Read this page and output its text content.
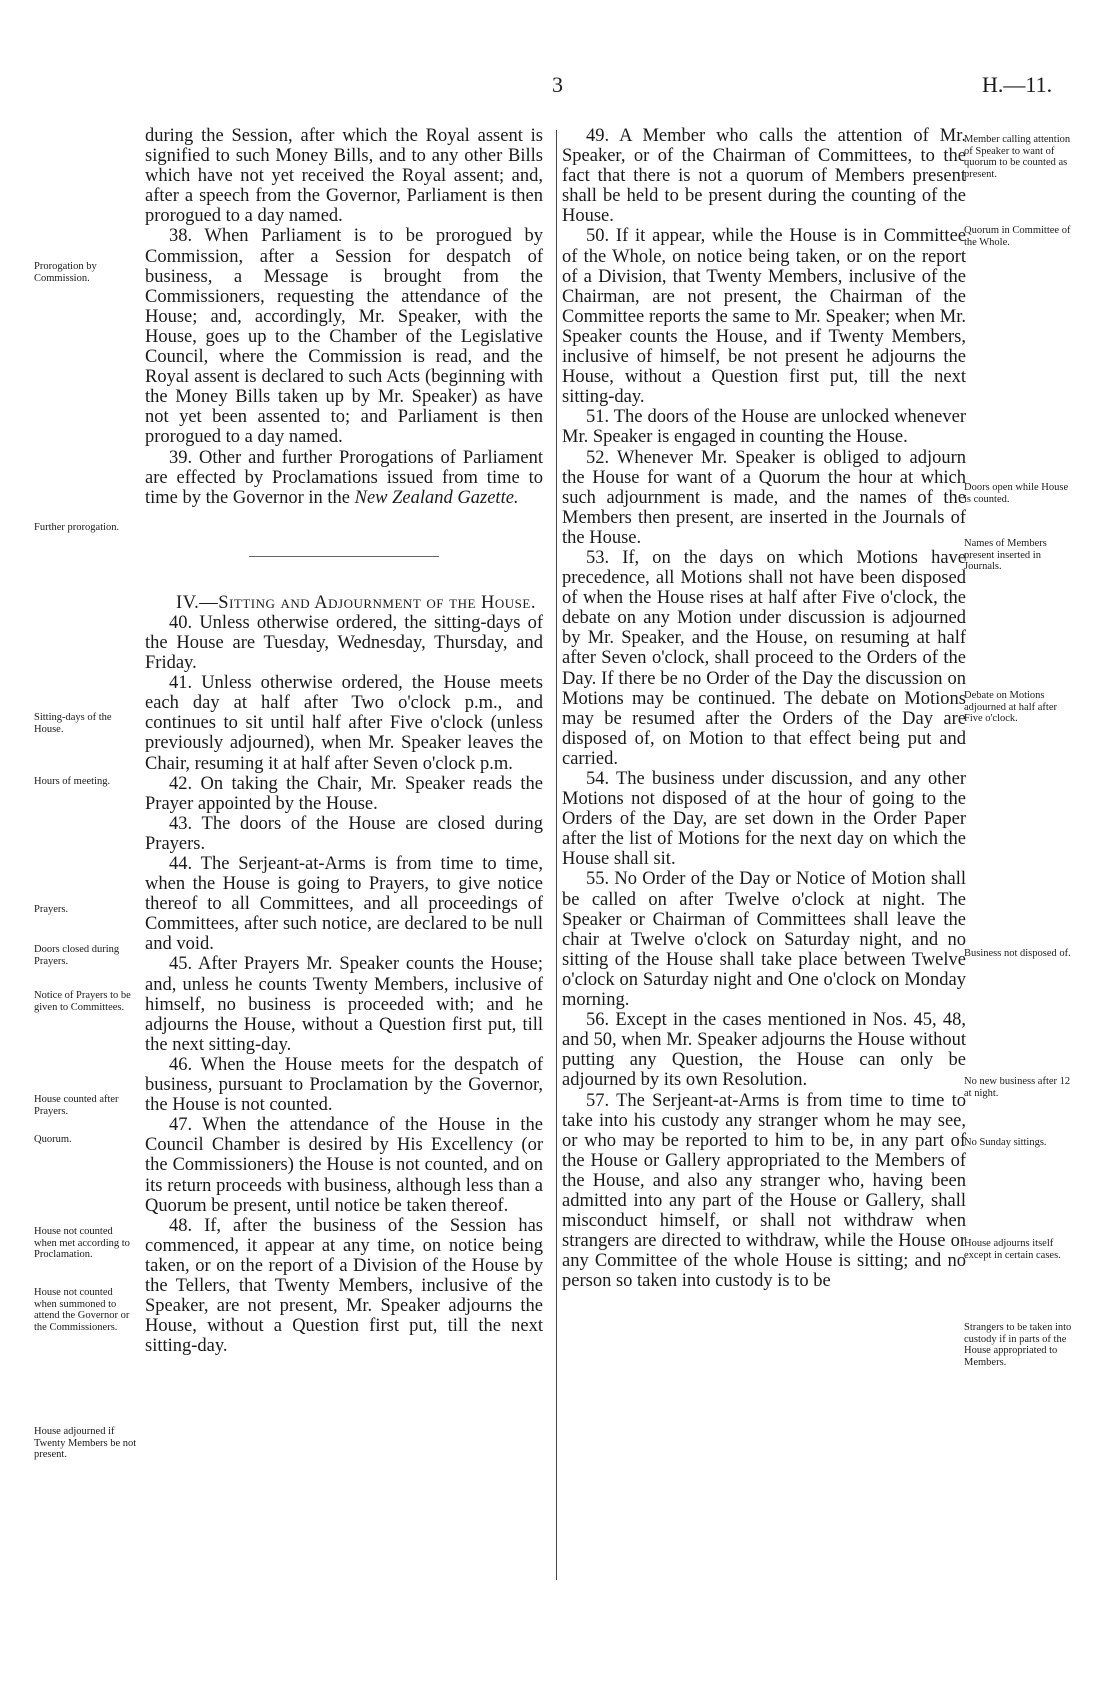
3	H.—11.

during the Session, after which the Royal assent is signified to such Money Bills, and to any other Bills which have not yet received the Royal assent; and, after a speech from the Governor, Parliament is then prorogued to a day named.

38. When Parliament is to be prorogued by Commission, after a Session for despatch of business, a Message is brought from the Commissioners, requesting the attendance of the House; and, accordingly, Mr. Speaker, with the House, goes up to the Chamber of the Legislative Council, where the Commission is read, and the Royal assent is declared to such Acts (beginning with the Money Bills taken up by Mr. Speaker) as have not yet been assented to; and Parliament is then prorogued to a day named.

39. Other and further Prorogations of Parliament are effected by Proclamations issued from time to time by the Governor in the New Zealand Gazette.

IV.—Sitting and Adjournment of the House.

40. Unless otherwise ordered, the sitting-days of the House are Tuesday, Wednesday, Thursday, and Friday.

41. Unless otherwise ordered, the House meets each day at half after Two o'clock p.m., and continues to sit until half after Five o'clock (unless previously adjourned), when Mr. Speaker leaves the Chair, resuming it at half after Seven o'clock p.m.

42. On taking the Chair, Mr. Speaker reads the Prayer appointed by the House.

43. The doors of the House are closed during Prayers.

44. The Serjeant-at-Arms is from time to time, when the House is going to Prayers, to give notice thereof to all Committees, and all proceedings of Committees, after such notice, are declared to be null and void.

45. After Prayers Mr. Speaker counts the House; and, unless he counts Twenty Members, inclusive of himself, no business is proceeded with; and he adjourns the House, without a Question first put, till the next sitting-day.

46. When the House meets for the despatch of business, pursuant to Proclamation by the Governor, the House is not counted.

47. When the attendance of the House in the Council Chamber is desired by His Excellency (or the Commissioners) the House is not counted, and on its return proceeds with business, although less than a Quorum be present, until notice be taken thereof.

48. If, after the business of the Session has commenced, it appear at any time, on notice being taken, or on the report of a Division of the House by the Tellers, that Twenty Members, inclusive of the Speaker, are not present, Mr. Speaker adjourns the House, without a Question first put, till the next sitting-day.

49. A Member who calls the attention of Mr. Speaker, or of the Chairman of Committees, to the fact that there is not a quorum of Members present shall be held to be present during the counting of the House.

50. If it appear, while the House is in Committee of the Whole, on notice being taken, or on the report of a Division, that Twenty Members, inclusive of the Chairman, are not present, the Chairman of the Committee reports the same to Mr. Speaker; when Mr. Speaker counts the House, and if Twenty Members, inclusive of himself, be not present he adjourns the House, without a Question first put, till the next sitting-day.

51. The doors of the House are unlocked whenever Mr. Speaker is engaged in counting the House.

52. Whenever Mr. Speaker is obliged to adjourn the House for want of a Quorum the hour at which such adjournment is made, and the names of the Members then present, are inserted in the Journals of the House.

53. If, on the days on which Motions have precedence, all Motions shall not have been disposed of when the House rises at half after Five o'clock, the debate on any Motion under discussion is adjourned by Mr. Speaker, and the House, on resuming at half after Seven o'clock, shall proceed to the Orders of the Day. If there be no Order of the Day the discussion on Motions may be continued. The debate on Motions may be resumed after the Orders of the Day are disposed of, on Motion to that effect being put and carried.

54. The business under discussion, and any other Motions not disposed of at the hour of going to the Orders of the Day, are set down in the Order Paper after the list of Motions for the next day on which the House shall sit.

55. No Order of the Day or Notice of Motion shall be called on after Twelve o'clock at night. The Speaker or Chairman of Committees shall leave the chair at Twelve o'clock on Saturday night, and no sitting of the House shall take place between Twelve o'clock on Saturday night and One o'clock on Monday morning.

56. Except in the cases mentioned in Nos. 45, 48, and 50, when Mr. Speaker adjourns the House without putting any Question, the House can only be adjourned by its own Resolution.

57. The Serjeant-at-Arms is from time to time to take into his custody any stranger whom he may see, or who may be reported to him to be, in any part of the House or Gallery appropriated to the Members of the House, and also any stranger who, having been admitted into any part of the House or Gallery, shall misconduct himself, or shall not withdraw when strangers are directed to withdraw, while the House or any Committee of the whole House is sitting; and no person so taken into custody is to be

Prorogation by Commission.
Further prorogation.
Sitting-days of the House.
Hours of meeting.
Prayers.
Doors closed during Prayers.
Notice of Prayers to be given to Committees.
House counted after Prayers.
Quorum.
House not counted when met according to Proclamation.
House not counted when summoned to attend the Governor or the Commissioners.
House adjourned if Twenty Members be not present.
Member calling attention of Speaker to want of quorum to be counted as present.
Quorum in Committee of the Whole.
Doors open while House is counted.
Names of Members present inserted in Journals.
Debate on Motions adjourned at half after Five o'clock.
Business not disposed of.
No new business after 12 at night.
No Sunday sittings.
House adjourns itself except in certain cases.
Strangers to be taken into custody if in parts of the House appropriated to Members.
